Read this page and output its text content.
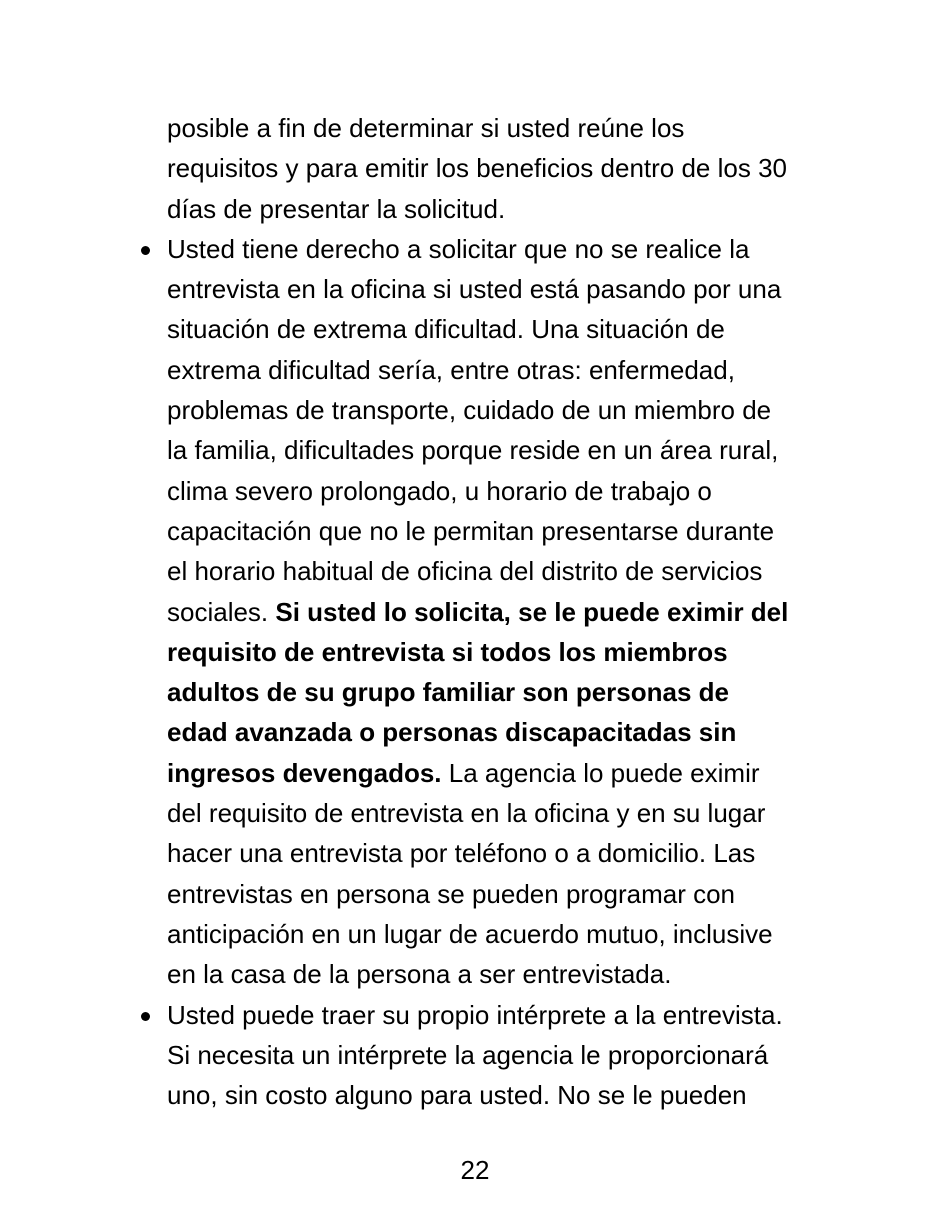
posible a fin de determinar si usted reúne los
requisitos y para emitir los beneficios dentro de los 30
días de presentar la solicitud.

Usted tiene derecho a solicitar que no se realice la
entrevista en la oficina si usted está pasando por una
situación de extrema dificultad. Una situación de
extrema dificultad sería, entre otras: enfermedad,
problemas de transporte, cuidado de un miembro de
la familia, dificultades porque reside en un área rural,
clima severo prolongado, u horario de trabajo o
capacitación que no le permitan presentarse durante
el horario habitual de oficina del distrito de servicios
sociales. Si usted lo solicita, se le puede eximir del
requisito de entrevista si todos los miembros
adultos de su grupo familiar son personas de
edad avanzada o personas discapacitadas sin
ingresos devengados. La agencia lo puede eximir
del requisito de entrevista en la oficina y en su lugar
hacer una entrevista por teléfono o a domicilio. Las
entrevistas en persona se pueden programar con
anticipación en un lugar de acuerdo mutuo, inclusive
en la casa de la persona a ser entrevistada.

Usted puede traer su propio intérprete a la entrevista.
Si necesita un intérprete la agencia le proporcionará
uno, sin costo alguno para usted. No se le pueden

22
